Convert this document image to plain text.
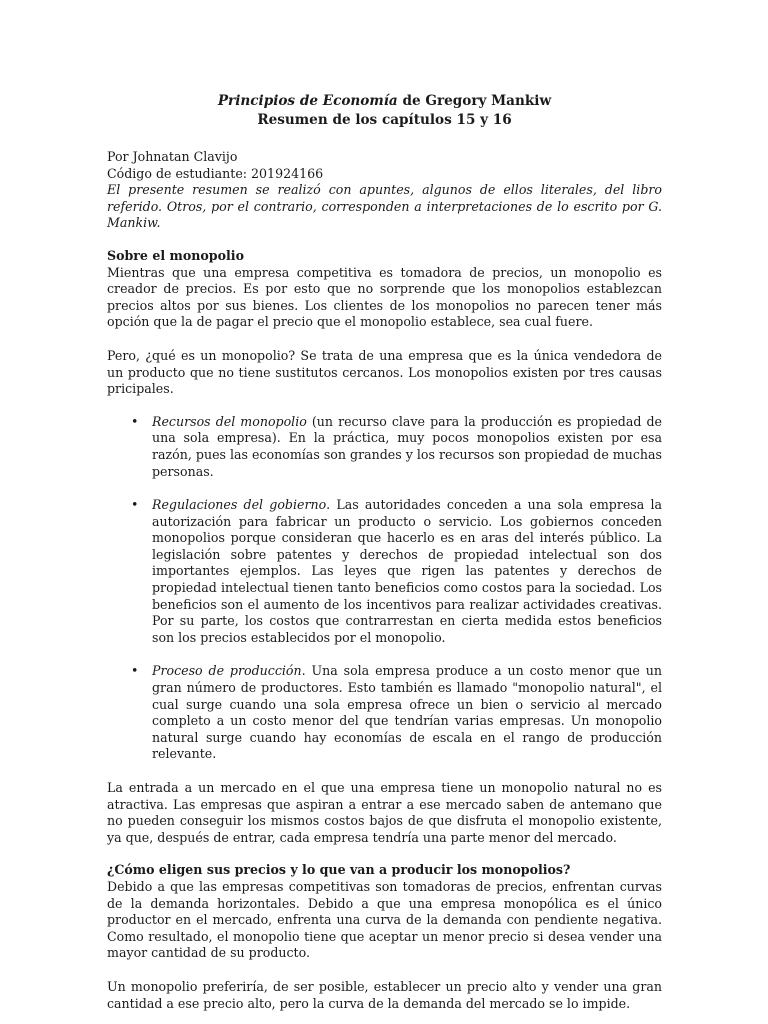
Principios de Economía de Gregory Mankiw

Resumen de los capítulos 15 y 16

Por Johnatan Clavijo

Código de estudiante: 201924166

El presente resumen se realizó con apuntes, algunos de ellos literales, del libro referido. Otros, por el contrario, corresponden a interpretaciones de lo escrito por G. Mankiw.

Sobre el monopolio

Mientras que una empresa competitiva es tomadora de precios, un monopolio es creador de precios. Es por esto que no sorprende que los monopolios establezcan precios altos por sus bienes. Los clientes de los monopolios no parecen tener más opción que la de pagar el precio que el monopolio establece, sea cual fuere.

Pero, ¿qué es un monopolio? Se trata de una empresa que es la única vendedora de un producto que no tiene sustitutos cercanos. Los monopolios existen por tres causas pricipales.

• Recursos del monopolio (un recurso clave para la producción es propiedad de una sola empresa). En la práctica, muy pocos monopolios existen por esa razón, pues las economías son grandes y los recursos son propiedad de muchas personas.
• Regulaciones del gobierno. Las autoridades conceden a una sola empresa la autorización para fabricar un producto o servicio. Los gobiernos conceden monopolios porque consideran que hacerlo es en aras del interés público. La legislación sobre patentes y derechos de propiedad intelectual son dos importantes ejemplos. Las leyes que rigen las patentes y derechos de propiedad intelectual tienen tanto beneficios como costos para la sociedad. Los beneficios son el aumento de los incentivos para realizar actividades creativas. Por su parte, los costos que contrarrestan en cierta medida estos beneficios son los precios establecidos por el monopolio.
• Proceso de producción. Una sola empresa produce a un costo menor que un gran número de productores. Esto también es llamado "monopolio natural", el cual surge cuando una sola empresa ofrece un bien o servicio al mercado completo a un costo menor del que tendrían varias empresas. Un monopolio natural surge cuando hay economías de escala en el rango de producción relevante.

La entrada a un mercado en el que una empresa tiene un monopolio natural no es atractiva. Las empresas que aspiran a entrar a ese mercado saben de antemano que no pueden conseguir los mismos costos bajos de que disfruta el monopolio existente, ya que, después de entrar, cada empresa tendría una parte menor del mercado.

¿Cómo eligen sus precios y lo que van a producir los monopolios?

Debido a que las empresas competitivas son tomadoras de precios, enfrentan curvas de la demanda horizontales. Debido a que una empresa monopólica es el único productor en el mercado, enfrenta una curva de la demanda con pendiente negativa. Como resultado, el monopolio tiene que aceptar un menor precio si desea vender una mayor cantidad de su producto.

Un monopolio preferiría, de ser posible, establecer un precio alto y vender una gran cantidad a ese precio alto, pero la curva de la demanda del mercado se lo impide.
